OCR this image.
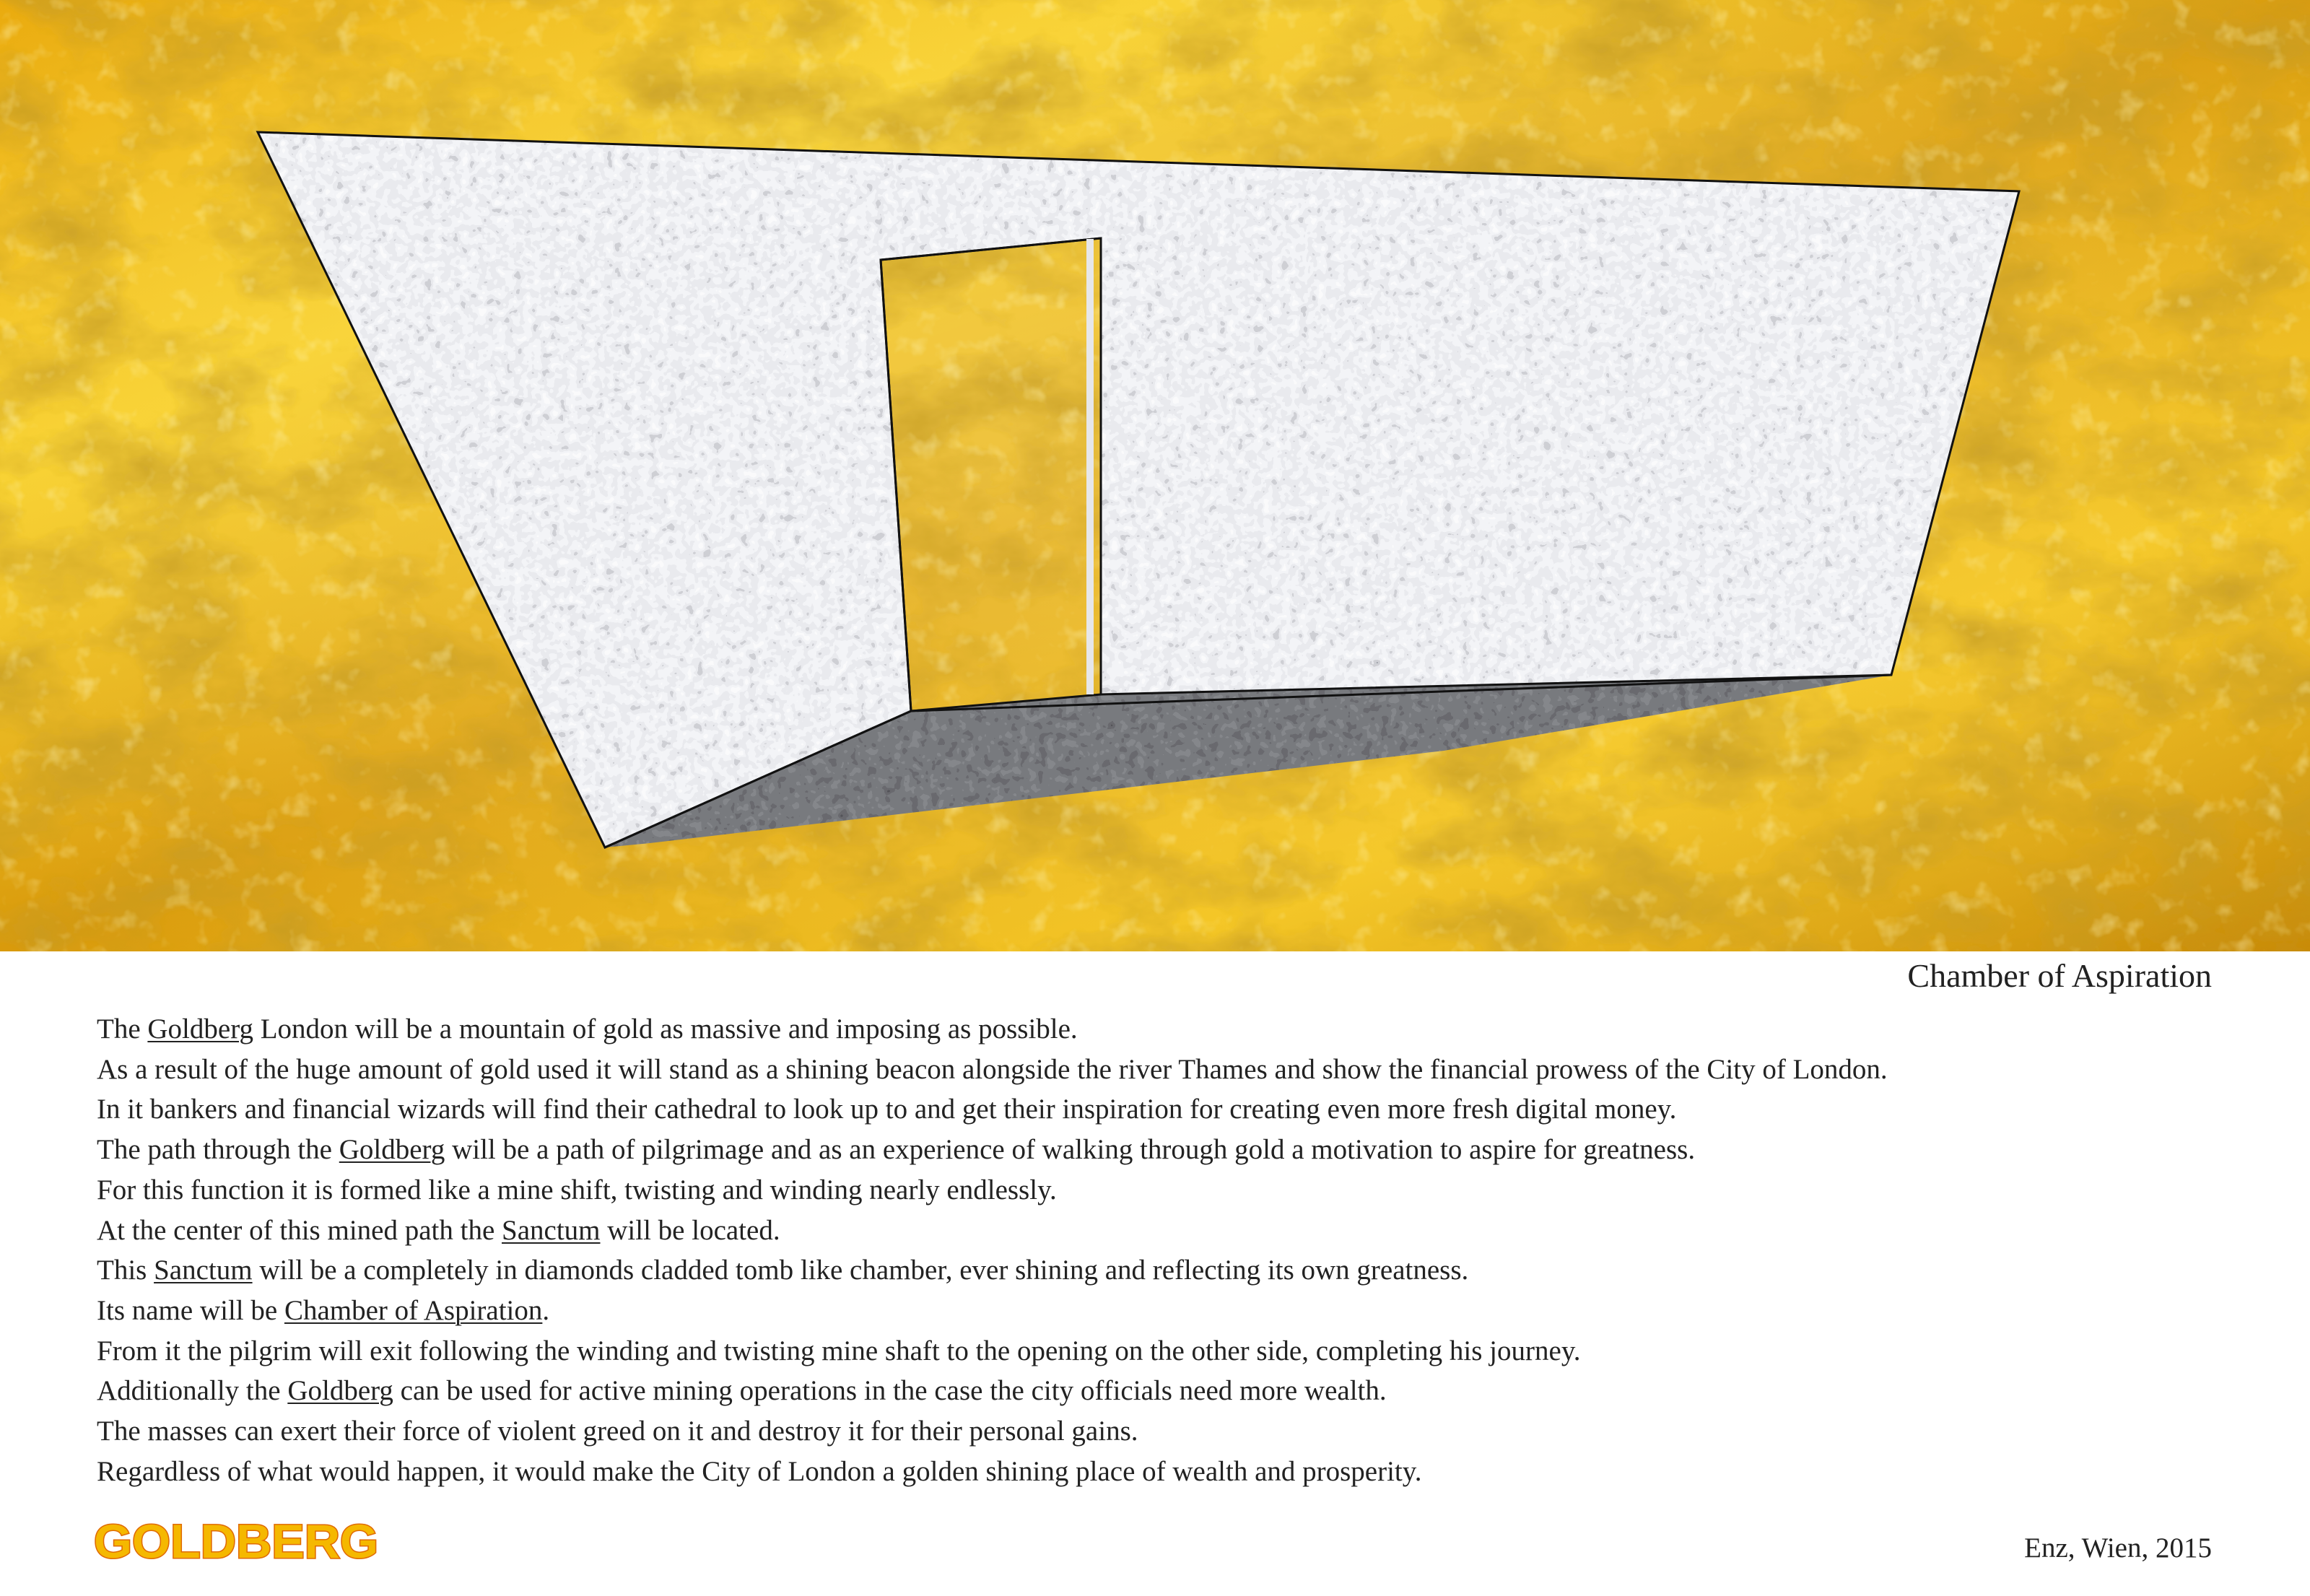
Chamber of Aspiration
The Goldberg London will be a mountain of gold as massive and imposing as possible.
As a result of the huge amount of gold used it will stand as a shining beacon alongside the river Thames and show the financial prowess of the City of London.
In it bankers and financial wizards will find their cathedral to look up to and get their inspiration for creating even more fresh digital money.
The path through the Goldberg will be a path of pilgrimage and as an experience of walking through gold a motivation to aspire for greatness.
For this function it is formed like a mine shift, twisting and winding nearly endlessly.
At the center of this mined path the Sanctum will be located.
This Sanctum will be a completely in diamonds cladded tomb like chamber, ever shining and reflecting its own greatness.
Its name will be Chamber of Aspiration.
From it the pilgrim will exit following the winding and twisting mine shaft to the opening on the other side, completing his journey.
Additionally the Goldberg can be used for active mining operations in the case the city officials need more wealth.
The masses can exert their force of violent greed on it and destroy it for their personal gains.
Regardless of what would happen, it would make the City of London a golden shining place of wealth and prosperity.
GOLDBERG	Enz, Wien, 2015
